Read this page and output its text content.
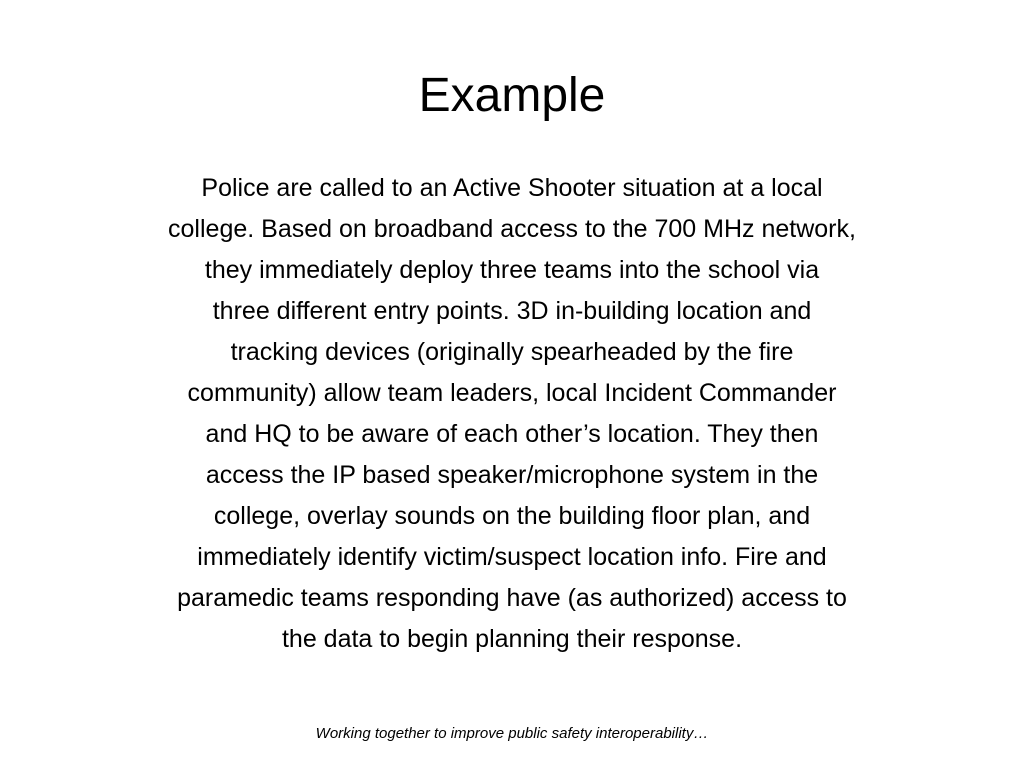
Example

Police are called to an Active Shooter situation at a local
college. Based on broadband access to the 700 MHz network,
they immediately deploy three teams into the school via
three different entry points. 3D in-building location and
tracking devices (originally spearheaded by the fire
community) allow team leaders, local Incident Commander
and HQ to be aware of each other’s location. They then
access the IP based speaker/microphone system in the
college, overlay sounds on the building floor plan, and
immediately identify victim/suspect location info. Fire and
paramedic teams responding have (as authorized) access to
the data to begin planning their response.

Working together to improve public safety interoperability…
